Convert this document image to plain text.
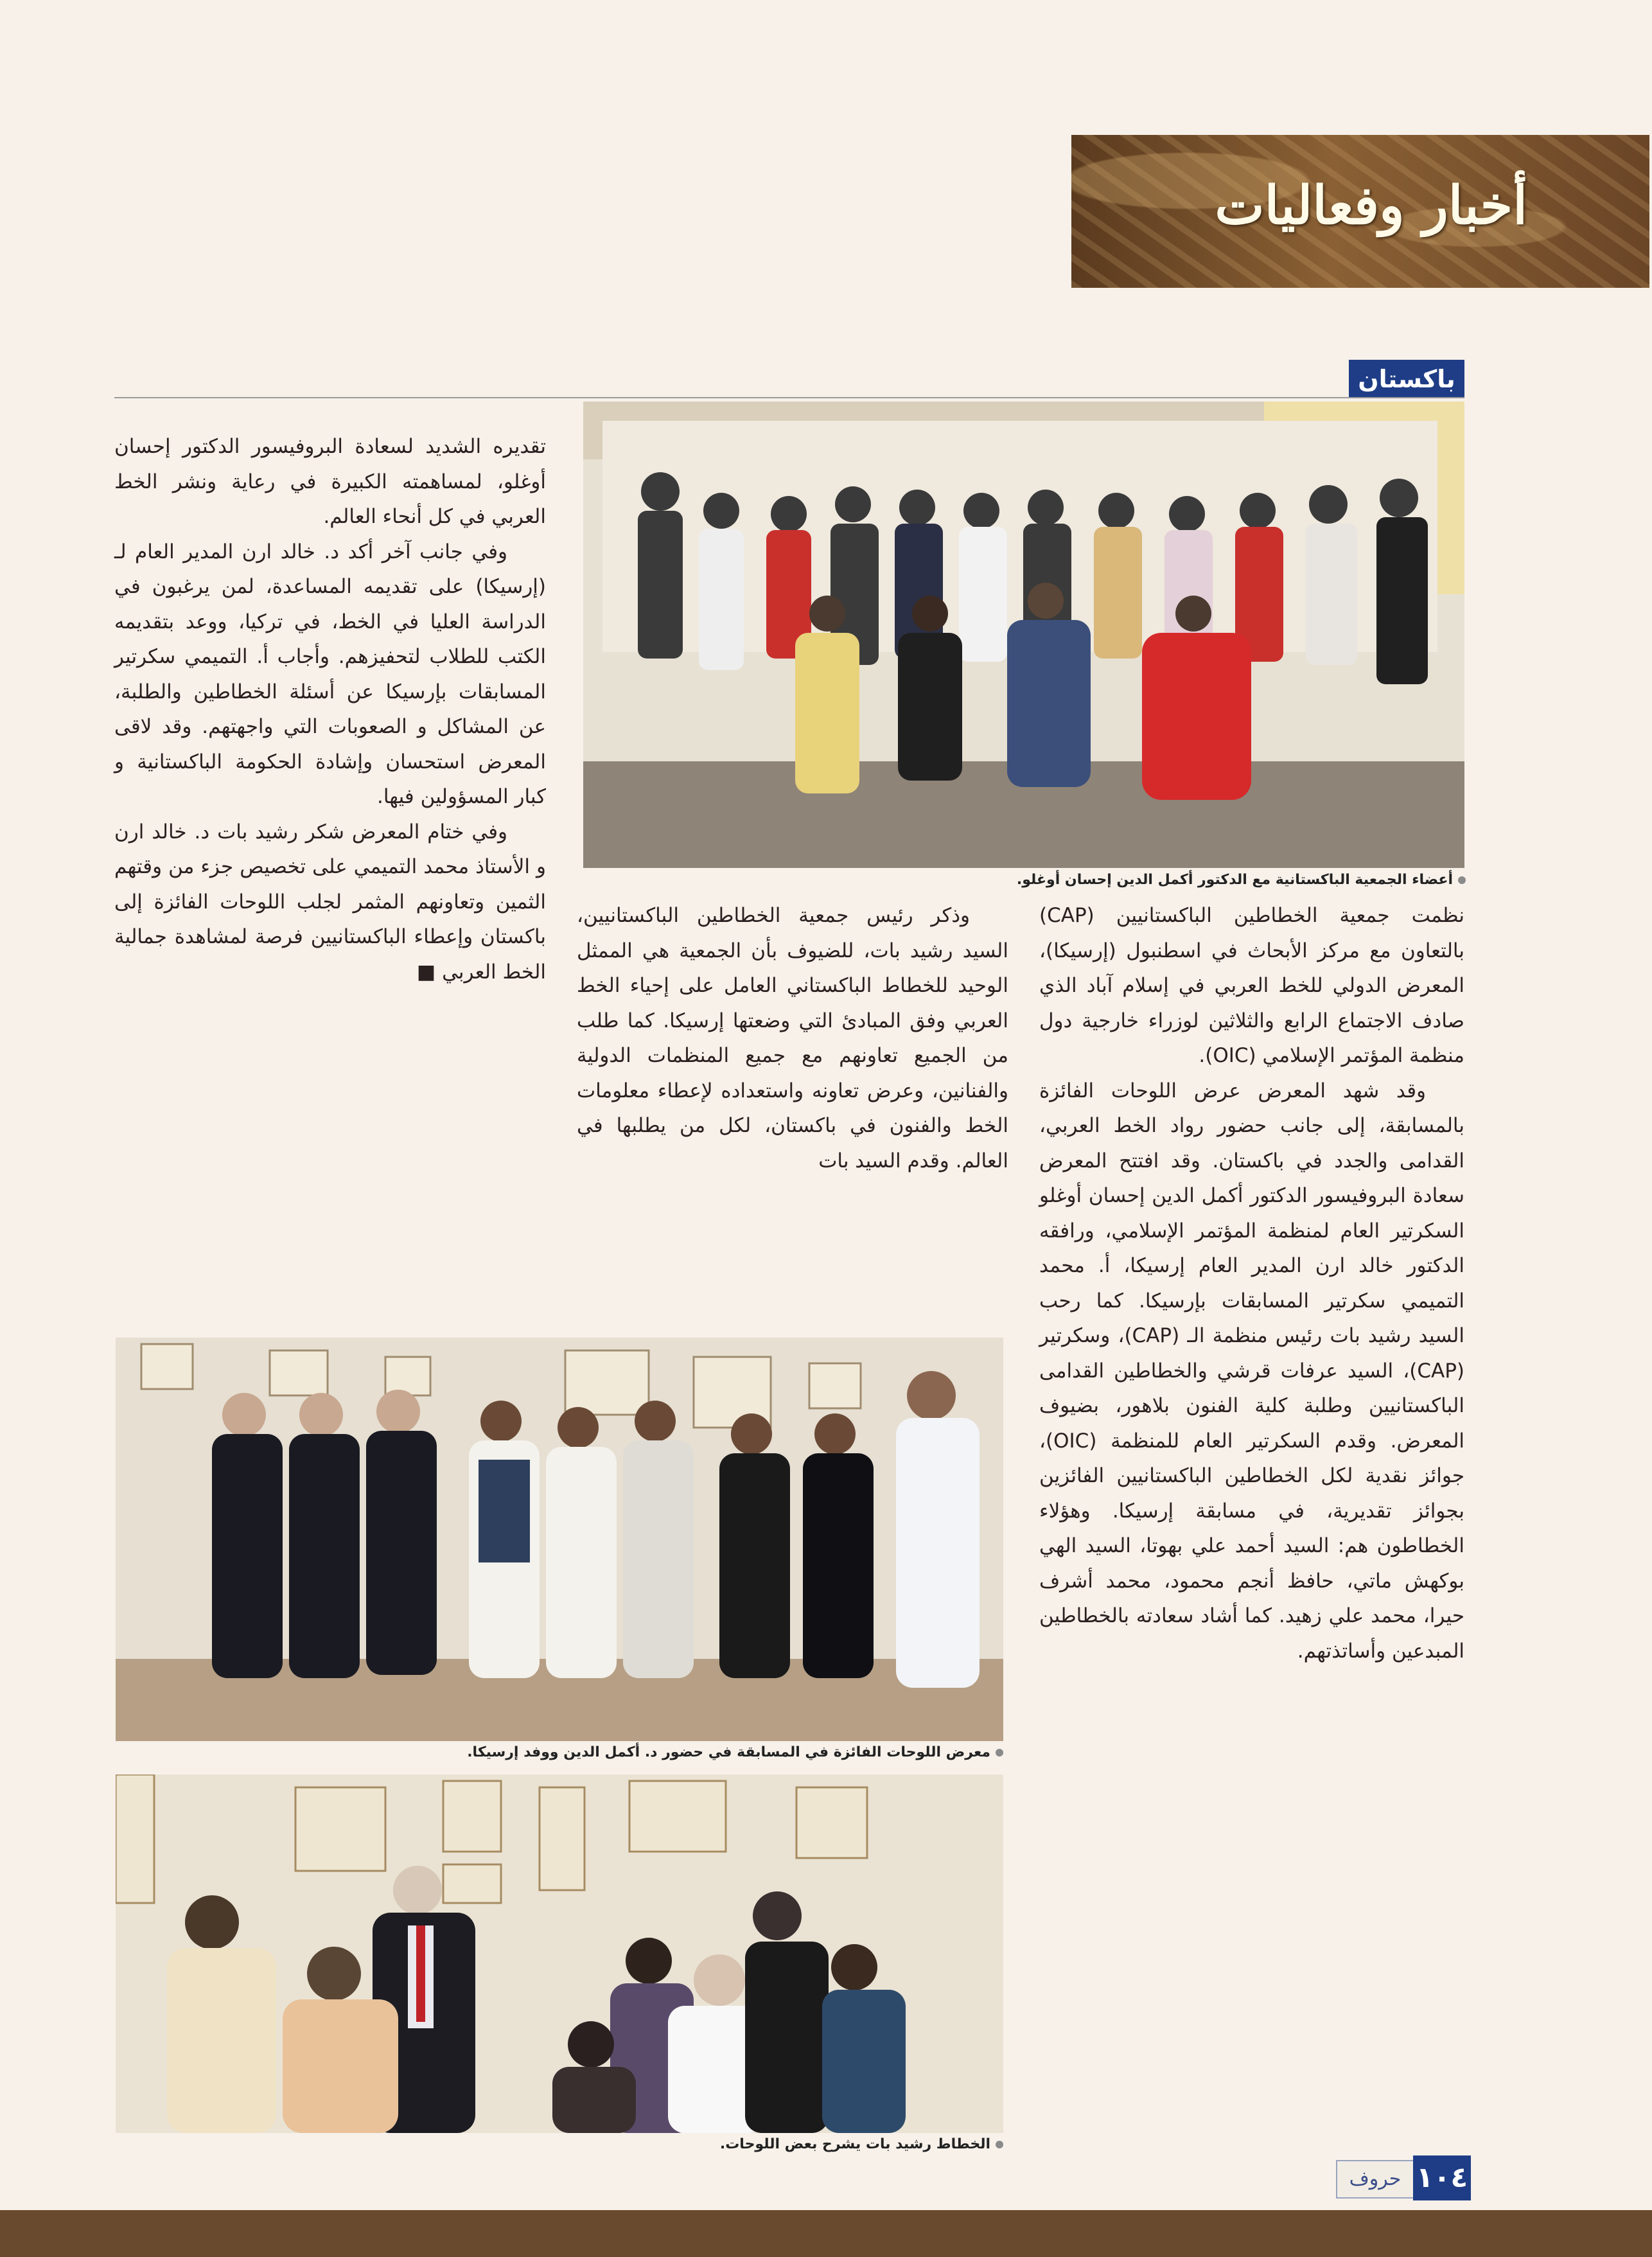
أخبار وفعاليات
باكستان
أعضاء الجمعية الباكستانية مع الدكتور أكمل الدين إحسان أوغلو.
معرض اللوحات الفائزة في المسابقة في حضور د. أكمل الدين ووفد إرسيكا.
الخطاط رشيد بات يشرح بعض اللوحات.

نظمت جمعية الخطاطين الباكستانيين (CAP) بالتعاون مع مركز الأبحاث في اسطنبول (إرسيكا)، المعرض الدولي للخط العربي في إسلام آباد الذي صادف الاجتماع الرابع والثلاثين لوزراء خارجية دول منظمة المؤتمر الإسلامي (OIC).

وقد شهد المعرض عرض اللوحات الفائزة بالمسابقة، إلى جانب حضور رواد الخط العربي، القدامى والجدد في باكستان. وقد افتتح المعرض سعادة البروفيسور الدكتور أكمل الدين إحسان أوغلو السكرتير العام لمنظمة المؤتمر الإسلامي، ورافقه الدكتور خالد ارن المدير العام إرسيكا، أ. محمد التميمي سكرتير المسابقات بإرسيكا. كما رحب السيد رشيد بات رئيس منظمة الـ (CAP)، وسكرتير (CAP)، السيد عرفات قرشي والخطاطين القدامى الباكستانيين وطلبة كلية الفنون بلاهور، بضيوف المعرض. وقدم السكرتير العام للمنظمة (OIC)، جوائز نقدية لكل الخطاطين الباكستانيين الفائزين بجوائز تقديرية، في مسابقة إرسيكا. وهؤلاء الخطاطون هم: السيد أحمد علي بهوتا، السيد الهي بوكهش ماتي، حافظ أنجم محمود، محمد أشرف حيرا، محمد علي زهيد. كما أشاد سعادته بالخطاطين المبدعين وأساتذتهم.

وذكر رئيس جمعية الخطاطين الباكستانيين، السيد رشيد بات، للضيوف بأن الجمعية هي الممثل الوحيد للخطاط الباكستاني العامل على إحياء الخط العربي وفق المبادئ التي وضعتها إرسيكا. كما طلب من الجميع تعاونهم مع جميع المنظمات الدولية والفنانين، وعرض تعاونه واستعداده لإعطاء معلومات الخط والفنون في باكستان، لكل من يطلبها في العالم. وقدم السيد بات

تقديره الشديد لسعادة البروفيسور الدكتور إحسان أوغلو، لمساهمته الكبيرة في رعاية ونشر الخط العربي في كل أنحاء العالم.

وفي جانب آخر أكد د. خالد ارن المدير العام لـ (إرسيكا) على تقديمه المساعدة، لمن يرغبون في الدراسة العليا في الخط، في تركيا، ووعد بتقديمه الكتب للطلاب لتحفيزهم. وأجاب أ. التميمي سكرتير المسابقات بإرسيكا عن أسئلة الخطاطين والطلبة، عن المشاكل و الصعوبات التي واجهتهم. وقد لاقى المعرض استحسان وإشادة الحكومة الباكستانية و كبار المسؤولين فيها.

وفي ختام المعرض شكر رشيد بات د. خالد ارن و الأستاذ محمد التميمي على تخصيص جزء من وقتهم الثمين وتعاونهم المثمر لجلب اللوحات الفائزة إلى باكستان وإعطاء الباكستانيين فرصة لمشاهدة جمالية الخط العربي ■

حروف ١٠٤
